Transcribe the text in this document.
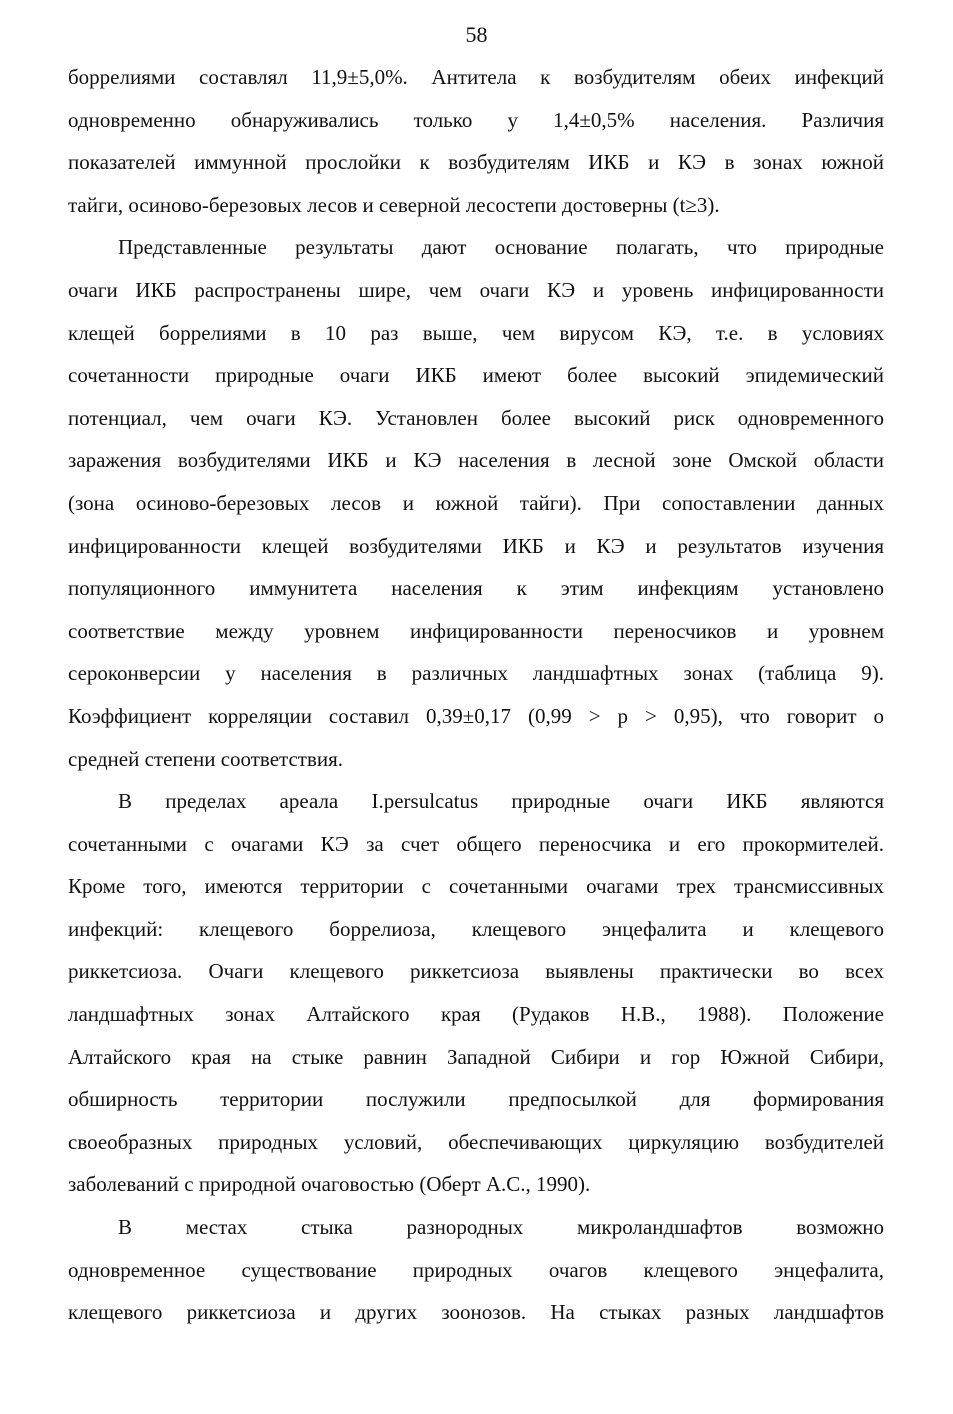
58
боррелиями составлял 11,9±5,0%. Антитела к возбудителям обеих инфекций
одновременно обнаруживались только у 1,4±0,5% населения. Различия
показателей иммунной прослойки к возбудителям ИКБ и КЭ в зонах южной
тайги, осиново-березовых лесов и северной лесостепи достоверны (t≥3).
Представленные результаты дают основание полагать, что природные
очаги ИКБ распространены шире, чем очаги КЭ и уровень инфицированности
клещей боррелиями в 10 раз выше, чем вирусом КЭ, т.е. в условиях
сочетанности природные очаги ИКБ имеют более высокий эпидемический
потенциал, чем очаги КЭ. Установлен более высокий риск одновременного
заражения возбудителями ИКБ и КЭ населения в лесной зоне Омской области
(зона осиново-березовых лесов и южной тайги). При сопоставлении данных
инфицированности клещей возбудителями ИКБ и КЭ и результатов изучения
популяционного иммунитета населения к этим инфекциям установлено
соответствие между уровнем инфицированности переносчиков и уровнем
сероконверсии у населения в различных ландшафтных зонах (таблица 9).
Коэффициент корреляции составил 0,39±0,17 (0,99 > p > 0,95), что говорит о
средней степени соответствия.
В пределах ареала I.persulcatus природные очаги ИКБ являются
сочетанными с очагами КЭ за счет общего переносчика и его прокормителей.
Кроме того, имеются территории с сочетанными очагами трех трансмиссивных
инфекций: клещевого боррелиоза, клещевого энцефалита и клещевого
риккетсиоза. Очаги клещевого риккетсиоза выявлены практически во всех
ландшафтных зонах Алтайского края (Рудаков Н.В., 1988). Положение
Алтайского края на стыке равнин Западной Сибири и гор Южной Сибири,
обширность территории послужили предпосылкой для формирования
своеобразных природных условий, обеспечивающих циркуляцию возбудителей
заболеваний с природной очаговостью (Оберт А.С., 1990).
В местах стыка разнородных микроландшафтов возможно
одновременное существование природных очагов клещевого энцефалита,
клещевого риккетсиоза и других зоонозов. На стыках разных ландшафтов
